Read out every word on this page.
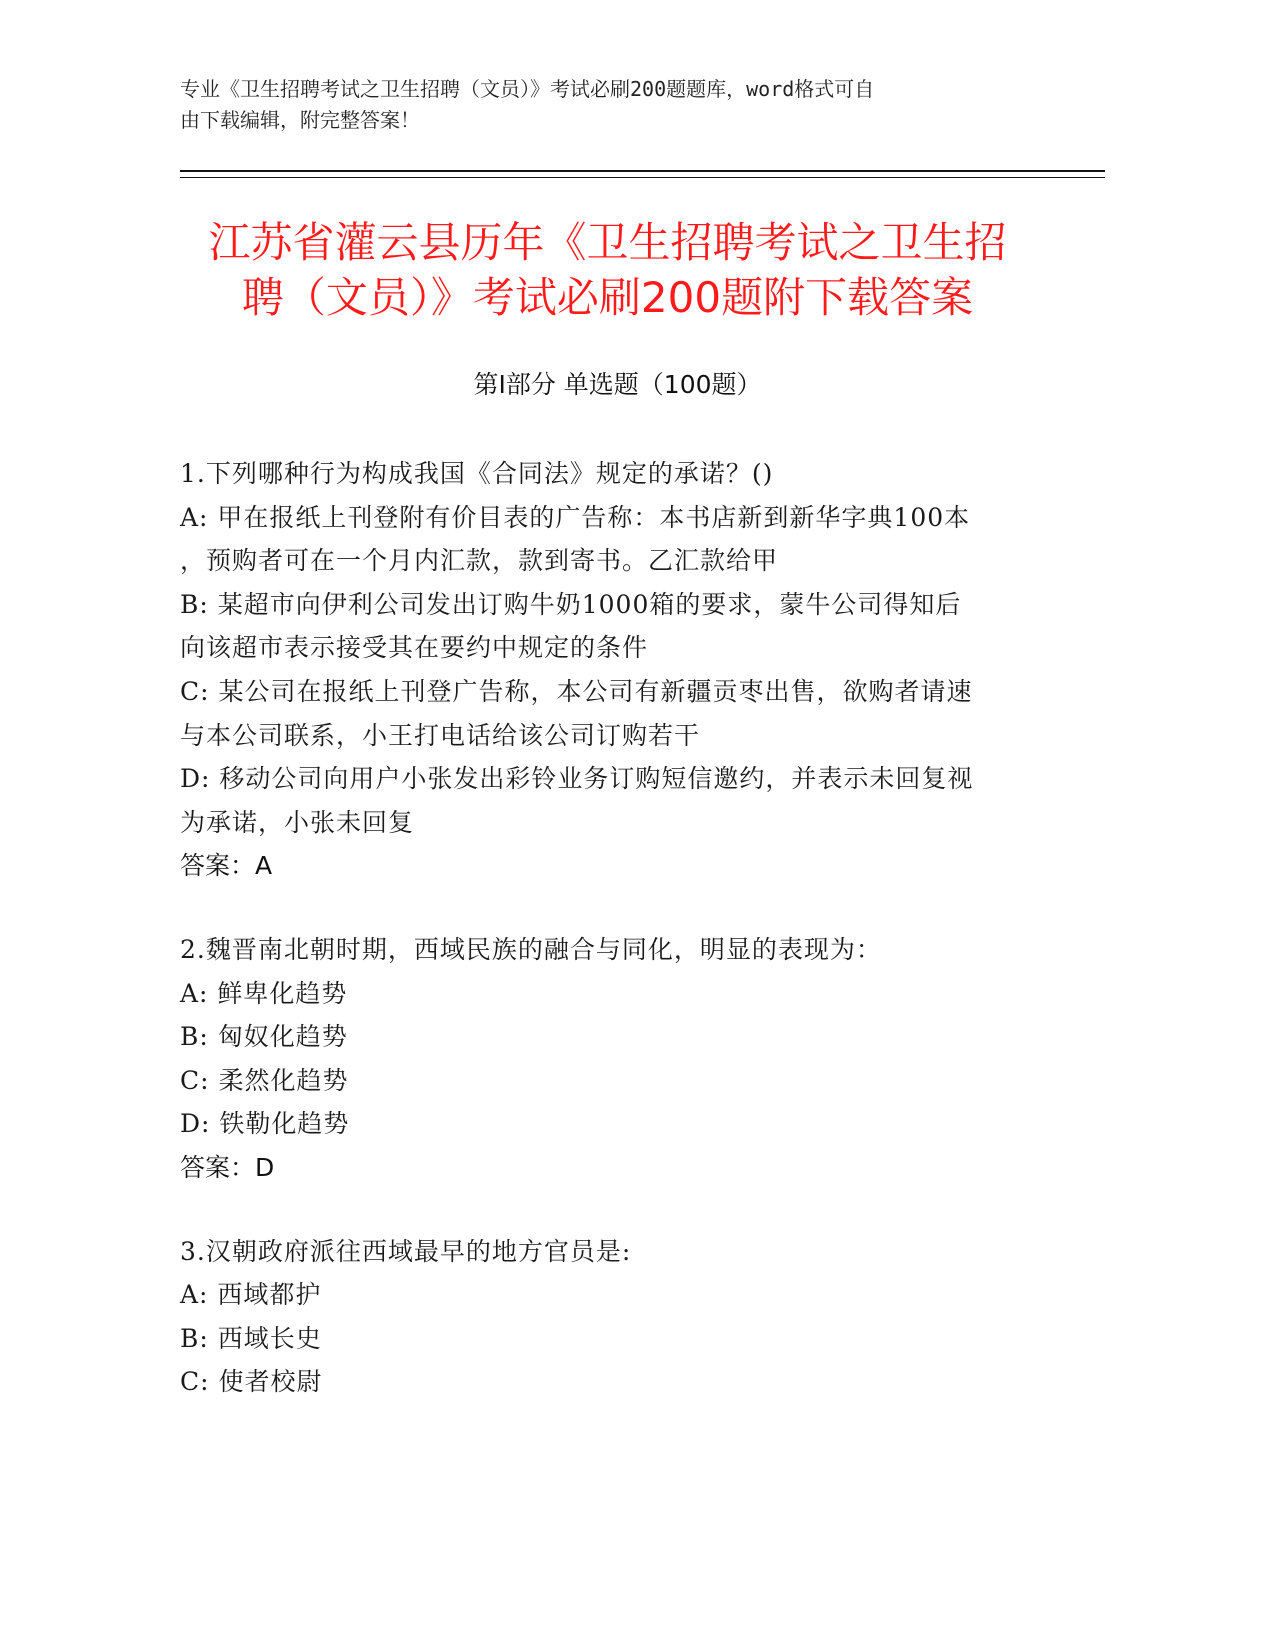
专业《卫生招聘考试之卫生招聘（文员）》考试必刷200题题库，word格式可自
由下载编辑，附完整答案！
江苏省灌云县历年《卫生招聘考试之卫生招
聘（文员）》考试必刷200题附下载答案
第Ⅰ部分 单选题（100题）
1.下列哪种行为构成我国《合同法》规定的承诺？()
A: 甲在报纸上刊登附有价目表的广告称：本书店新到新华字典100本
，预购者可在一个月内汇款，款到寄书。乙汇款给甲
B: 某超市向伊利公司发出订购牛奶1000箱的要求，蒙牛公司得知后
向该超市表示接受其在要约中规定的条件
C: 某公司在报纸上刊登广告称，本公司有新疆贡枣出售，欲购者请速
与本公司联系，小王打电话给该公司订购若干
D: 移动公司向用户小张发出彩铃业务订购短信邀约，并表示未回复视
为承诺，小张未回复
答案：A
2.魏晋南北朝时期，西域民族的融合与同化，明显的表现为：
A: 鲜卑化趋势
B: 匈奴化趋势
C: 柔然化趋势
D: 铁勒化趋势
答案：D
3.汉朝政府派往西域最早的地方官员是:
A: 西域都护
B: 西域长史
C: 使者校尉
